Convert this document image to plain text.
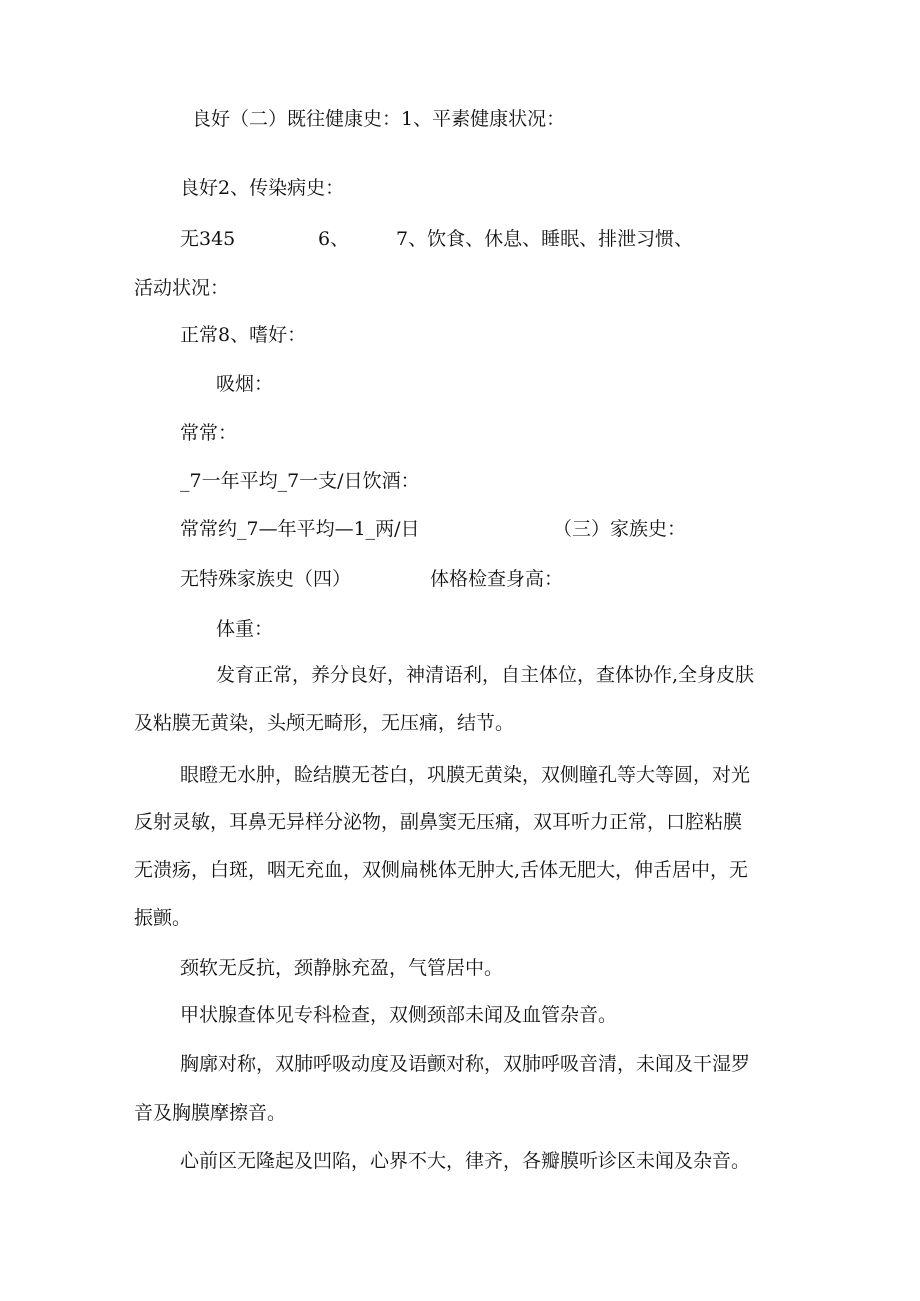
良好（二）既往健康史：1、平素健康状况：
良好2、传染病史：
无345	6、 7、饮食、休息、睡眠、排泄习惯、
活动状况：
正常8、嗜好：
吸烟：
常常：
_7一年平均_7一支/日饮酒：
常常约_7—年平均—1_两/日	（三）家族史：
无特殊家族史（四）	体格检查身高：
体重：
发育正常，养分良好，神清语利，自主体位，查体协作,全身皮肤
及粘膜无黄染，头颅无畸形，无压痛，结节。
眼瞪无水肿，睑结膜无苍白，巩膜无黄染，双侧瞳孔等大等圆，对光
反射灵敏，耳鼻无异样分泌物，副鼻窦无压痛，双耳听力正常，口腔粘膜
无溃疡，白斑，咽无充血，双侧扁桃体无肿大,舌体无肥大，伸舌居中，无
振颤。
颈软无反抗，颈静脉充盈，气管居中。
甲状腺查体见专科检查，双侧颈部未闻及血管杂音。
胸廓对称，双肺呼吸动度及语颤对称，双肺呼吸音清，未闻及干湿罗
音及胸膜摩擦音。
心前区无隆起及凹陷，心界不大，律齐，各瓣膜听诊区未闻及杂音。
